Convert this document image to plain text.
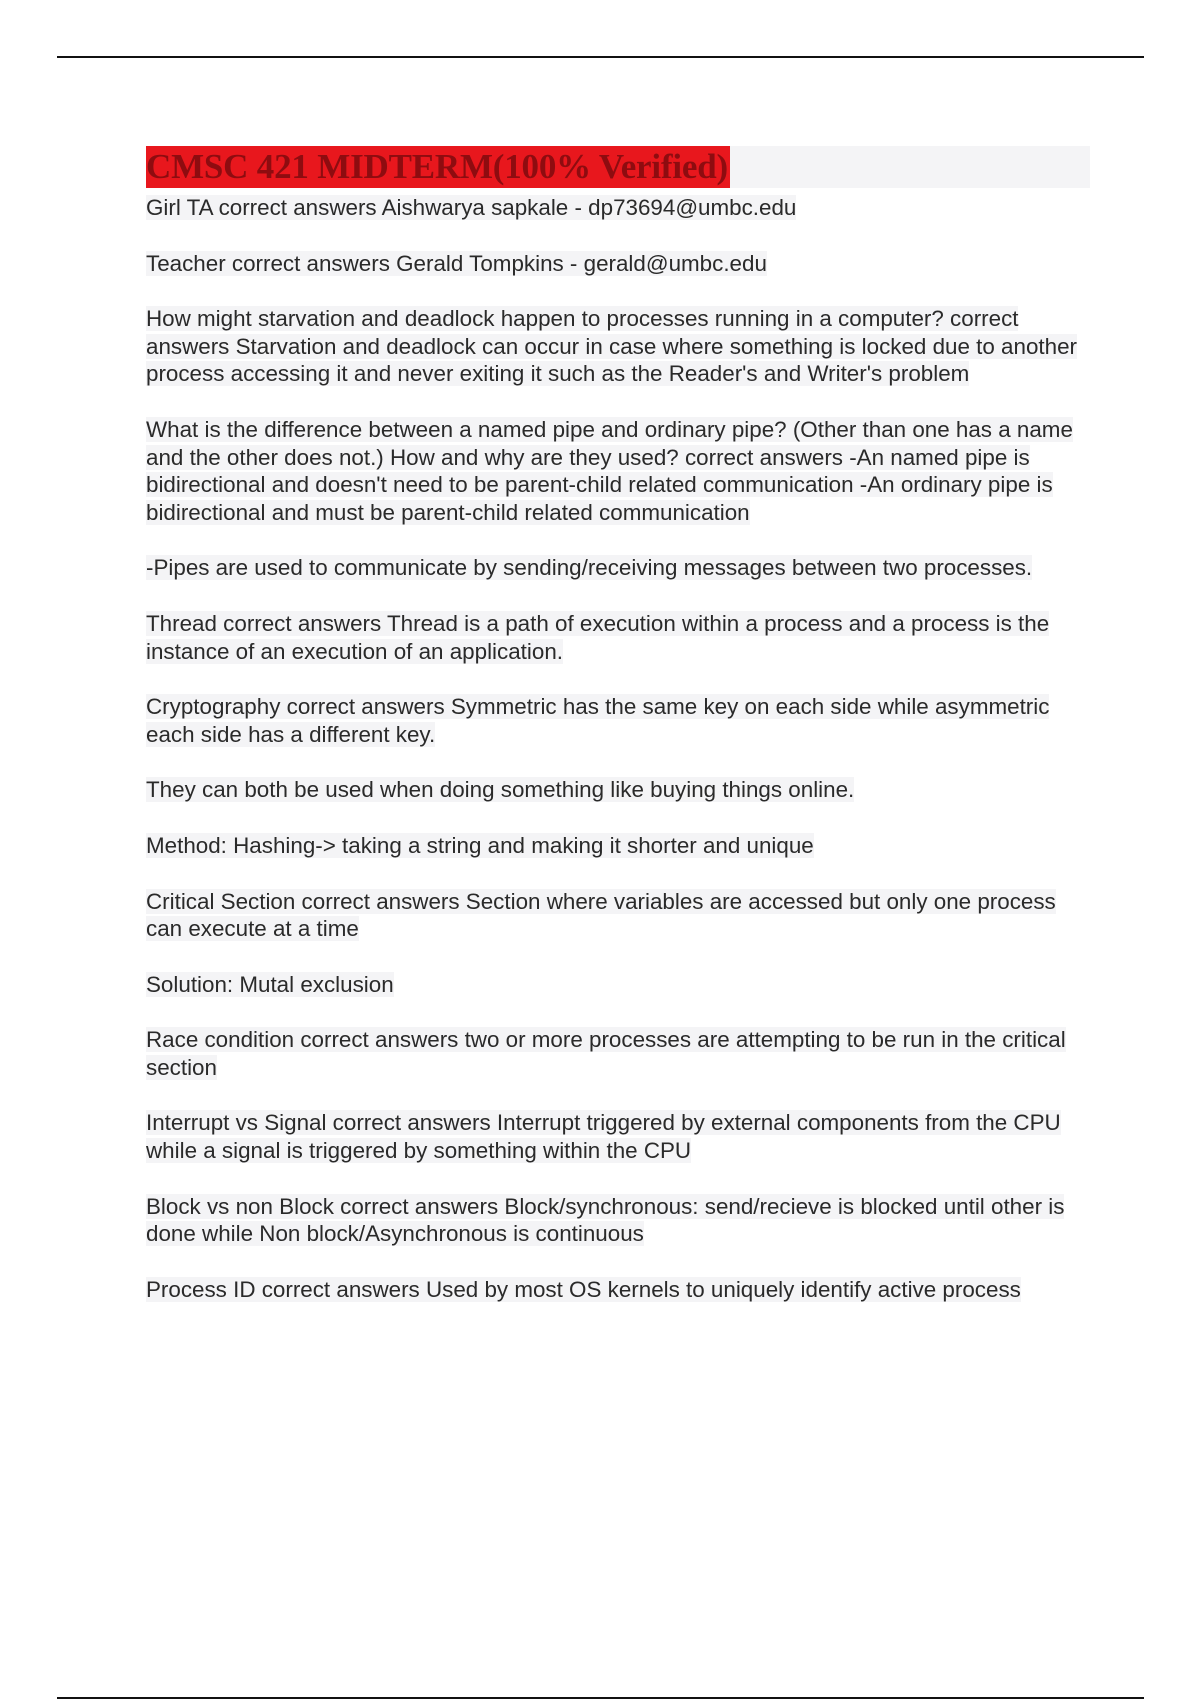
CMSC 421 MIDTERM(100% Verified)

Girl TA correct answers Aishwarya sapkale - dp73694@umbc.edu

Teacher correct answers Gerald Tompkins - gerald@umbc.edu

How might starvation and deadlock happen to processes running in a computer? correct answers Starvation and deadlock can occur in case where something is locked due to another process accessing it and never exiting it such as the Reader's and Writer's problem

What is the difference between a named pipe and ordinary pipe? (Other than one has a name and the other does not.) How and why are they used? correct answers -An named pipe is bidirectional and doesn't need to be parent-child related communication -An ordinary pipe is bidirectional and must be parent-child related communication

-Pipes are used to communicate by sending/receiving messages between two processes.

Thread correct answers Thread is a path of execution within a process and a process is the instance of an execution of an application.

Cryptography correct answers Symmetric has the same key on each side while asymmetric each side has a different key.

They can both be used when doing something like buying things online.

Method: Hashing-> taking a string and making it shorter and unique

Critical Section correct answers Section where variables are accessed but only one process can execute at a time

Solution: Mutal exclusion

Race condition correct answers two or more processes are attempting to be run in the critical section

Interrupt vs Signal correct answers Interrupt triggered by external components from the CPU while a signal is triggered by something within the CPU

Block vs non Block correct answers Block/synchronous: send/recieve is blocked until other is done while Non block/Asynchronous is continuous

Process ID correct answers Used by most OS kernels to uniquely identify active process
